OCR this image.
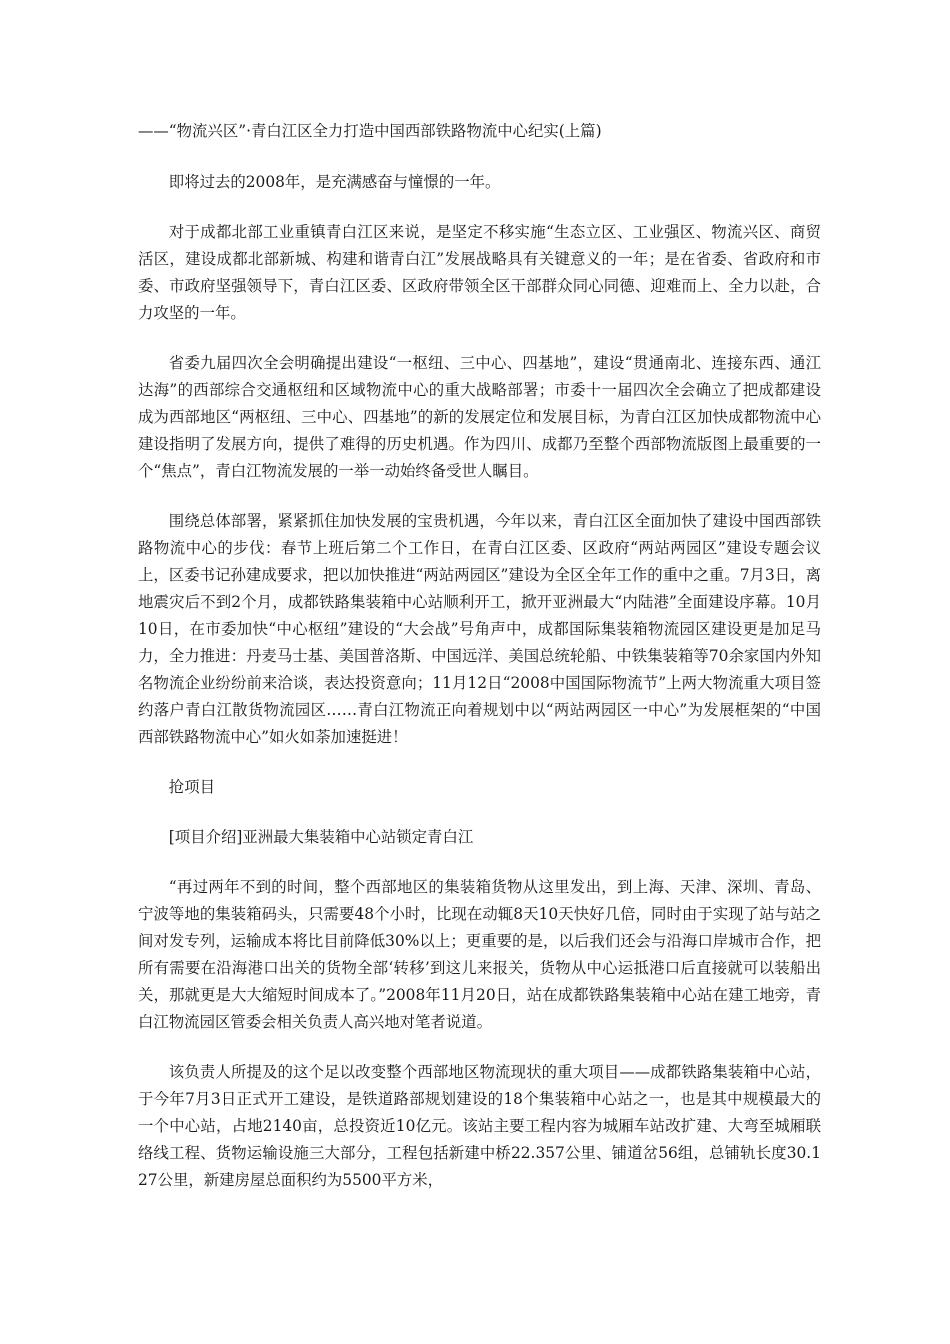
——“物流兴区”·青白江区全力打造中国西部铁路物流中心纪实(上篇)

即将过去的2008年，是充满感奋与憧憬的一年。

对于成都北部工业重镇青白江区来说，是坚定不移实施“生态立区、工业强区、物流兴区、商贸活区，建设成都北部新城、构建和谐青白江”发展战略具有关键意义的一年；是在省委、省政府和市委、市政府坚强领导下，青白江区委、区政府带领全区干部群众同心同德、迎难而上、全力以赴，合力攻坚的一年。

省委九届四次全会明确提出建设“一枢纽、三中心、四基地”，建设“贯通南北、连接东西、通江达海”的西部综合交通枢纽和区域物流中心的重大战略部署；市委十一届四次全会确立了把成都建设成为西部地区“两枢纽、三中心、四基地”的新的发展定位和发展目标，为青白江区加快成都物流中心建设指明了发展方向，提供了难得的历史机遇。作为四川、成都乃至整个西部物流版图上最重要的一个“焦点”，青白江物流发展的一举一动始终备受世人瞩目。

围绕总体部署，紧紧抓住加快发展的宝贵机遇，今年以来，青白江区全面加快了建设中国西部铁路物流中心的步伐：春节上班后第二个工作日，在青白江区委、区政府“两站两园区”建设专题会议上，区委书记孙建成要求，把以加快推进“两站两园区”建设为全区全年工作的重中之重。7月3日，离地震灾后不到2个月，成都铁路集装箱中心站顺利开工，掀开亚洲最大“内陆港”全面建设序幕。10月10日，在市委加快“中心枢纽”建设的“大会战”号角声中，成都国际集装箱物流园区建设更是加足马力，全力推进：丹麦马士基、美国普洛斯、中国远洋、美国总统轮船、中铁集装箱等70余家国内外知名物流企业纷纷前来洽谈，表达投资意向；11月12日“2008中国国际物流节”上两大物流重大项目签约落户青白江散货物流园区……青白江物流正向着规划中以“两站两园区一中心”为发展框架的“中国西部铁路物流中心”如火如荼加速挺进！

抢项目

[项目介绍]亚洲最大集装箱中心站锁定青白江

“再过两年不到的时间，整个西部地区的集装箱货物从这里发出，到上海、天津、深圳、青岛、宁波等地的集装箱码头，只需要48个小时，比现在动辄8天10天快好几倍，同时由于实现了站与站之间对发专列，运输成本将比目前降低30%以上；更重要的是，以后我们还会与沿海口岸城市合作，把所有需要在沿海港口出关的货物全部‘转移’到这儿来报关，货物从中心运抵港口后直接就可以装船出关，那就更是大大缩短时间成本了。”2008年11月20日，站在成都铁路集装箱中心站在建工地旁，青白江物流园区管委会相关负责人高兴地对笔者说道。

该负责人所提及的这个足以改变整个西部地区物流现状的重大项目——成都铁路集装箱中心站，于今年7月3日正式开工建设，是铁道路部规划建设的18个集装箱中心站之一，也是其中规模最大的一个中心站，占地2140亩，总投资近10亿元。该站主要工程内容为城厢车站改扩建、大弯至城厢联络线工程、货物运输设施三大部分，工程包括新建中桥22.357公里、铺道岔56组，总铺轨长度30.127公里，新建房屋总面积约为5500平方米，
